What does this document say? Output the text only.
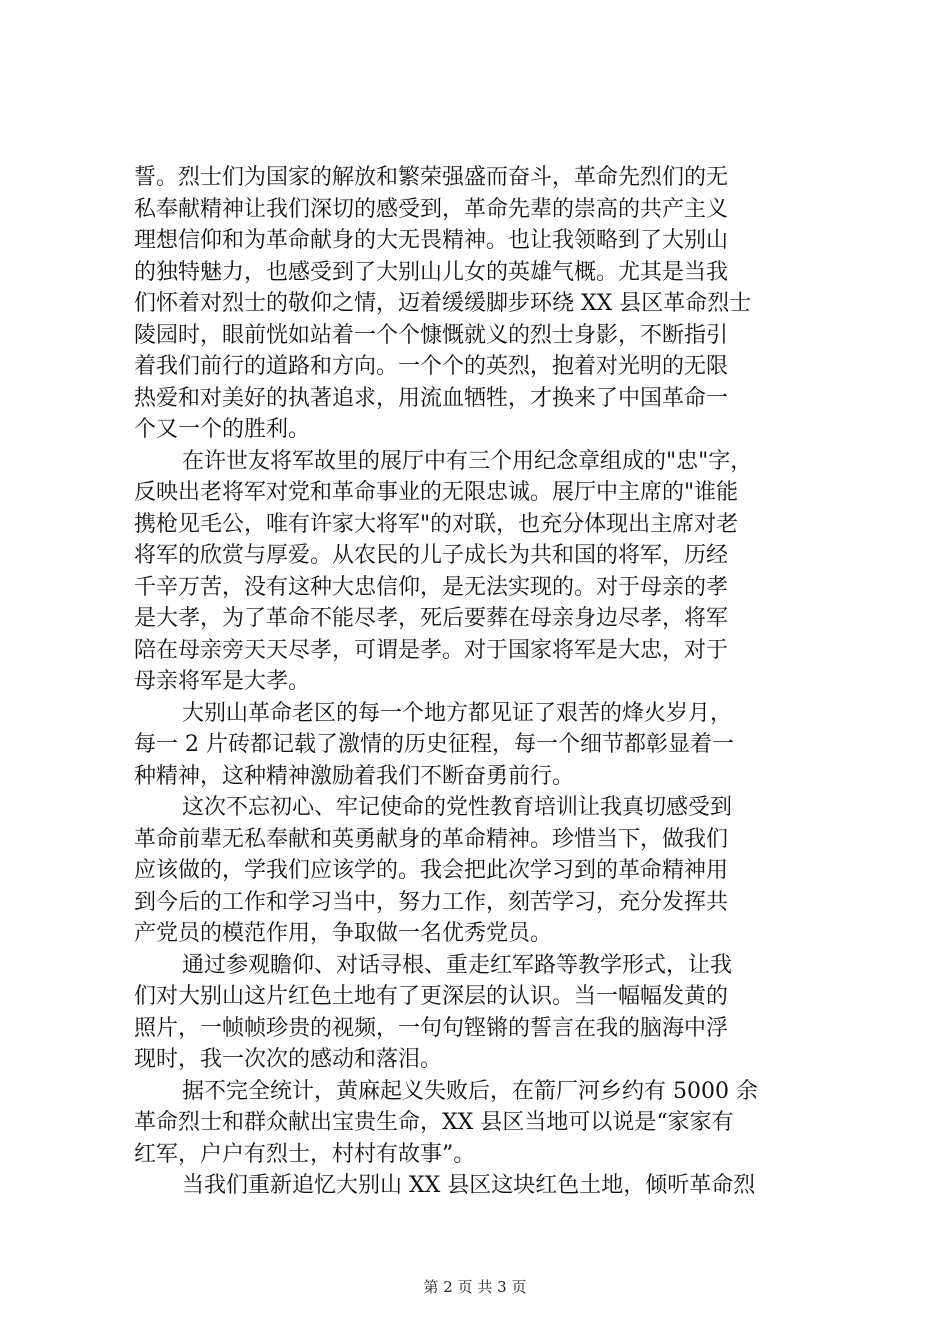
誓。烈士们为国家的解放和繁荣强盛而奋斗，革命先烈们的无
私奉献精神让我们深切的感受到，革命先辈的崇高的共产主义
理想信仰和为革命献身的大无畏精神。也让我领略到了大别山
的独特魅力，也感受到了大别山儿女的英雄气概。尤其是当我
们怀着对烈士的敬仰之情，迈着缓缓脚步环绕 XX 县区革命烈士
陵园时，眼前恍如站着一个个慷慨就义的烈士身影，不断指引
着我们前行的道路和方向。一个个的英烈，抱着对光明的无限
热爱和对美好的执著追求，用流血牺牲，才换来了中国革命一
个又一个的胜利。
在许世友将军故里的展厅中有三个用纪念章组成的"忠"字，
反映出老将军对党和革命事业的无限忠诚。展厅中主席的"谁能
携枪见毛公，唯有许家大将军"的对联，也充分体现出主席对老
将军的欣赏与厚爱。从农民的儿子成长为共和国的将军，历经
千辛万苦，没有这种大忠信仰，是无法实现的。对于母亲的孝
是大孝，为了革命不能尽孝，死后要葬在母亲身边尽孝，将军
陪在母亲旁天天尽孝，可谓是孝。对于国家将军是大忠，对于
母亲将军是大孝。
大别山革命老区的每一个地方都见证了艰苦的烽火岁月，
每一 2 片砖都记载了激情的历史征程，每一个细节都彰显着一
种精神，这种精神激励着我们不断奋勇前行。
这次不忘初心、牢记使命的党性教育培训让我真切感受到
革命前辈无私奉献和英勇献身的革命精神。珍惜当下，做我们
应该做的，学我们应该学的。我会把此次学习到的革命精神用
到今后的工作和学习当中，努力工作，刻苦学习，充分发挥共
产党员的模范作用，争取做一名优秀党员。
通过参观瞻仰、对话寻根、重走红军路等教学形式，让我
们对大别山这片红色土地有了更深层的认识。当一幅幅发黄的
照片，一帧帧珍贵的视频，一句句铿锵的誓言在我的脑海中浮
现时，我一次次的感动和落泪。
据不完全统计，黄麻起义失败后，在箭厂河乡约有 5000 余
革命烈士和群众献出宝贵生命，XX 县区当地可以说是“家家有
红军，户户有烈士，村村有故事”。
当我们重新追忆大别山 XX 县区这块红色土地，倾听革命烈
第 2 页 共 3 页
